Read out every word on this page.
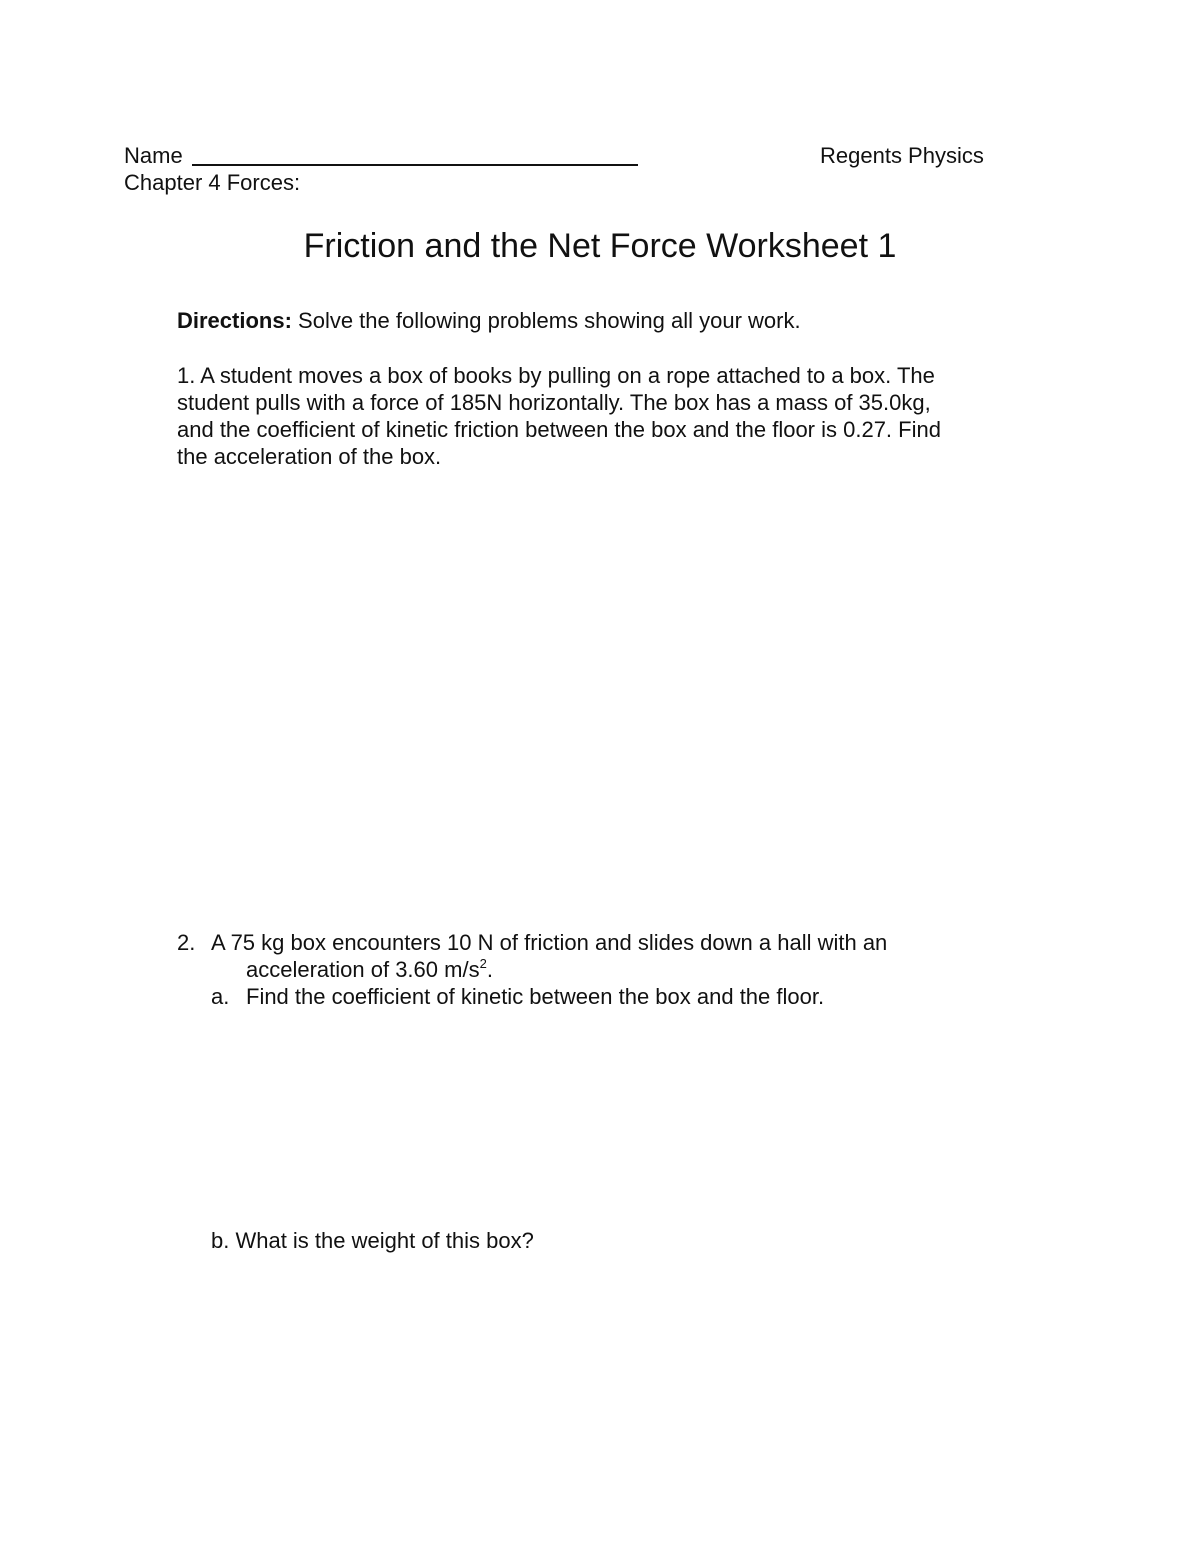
Name	Regents Physics
Chapter 4 Forces:
Friction and the Net Force Worksheet 1
Directions: Solve the following problems showing all your work.
1. A student moves a box of books by pulling on a rope attached to a box. The
student pulls with a force of 185N horizontally. The box has a mass of 35.0kg,
and the coefficient of kinetic friction between the box and the floor is 0.27. Find
the acceleration of the box.
2. A 75 kg box encounters 10 N of friction and slides down a hall with an
acceleration of 3.60 $m/s^2$.
a. Find the coefficient of kinetic between the box and the floor.
b. What is the weight of this box?
